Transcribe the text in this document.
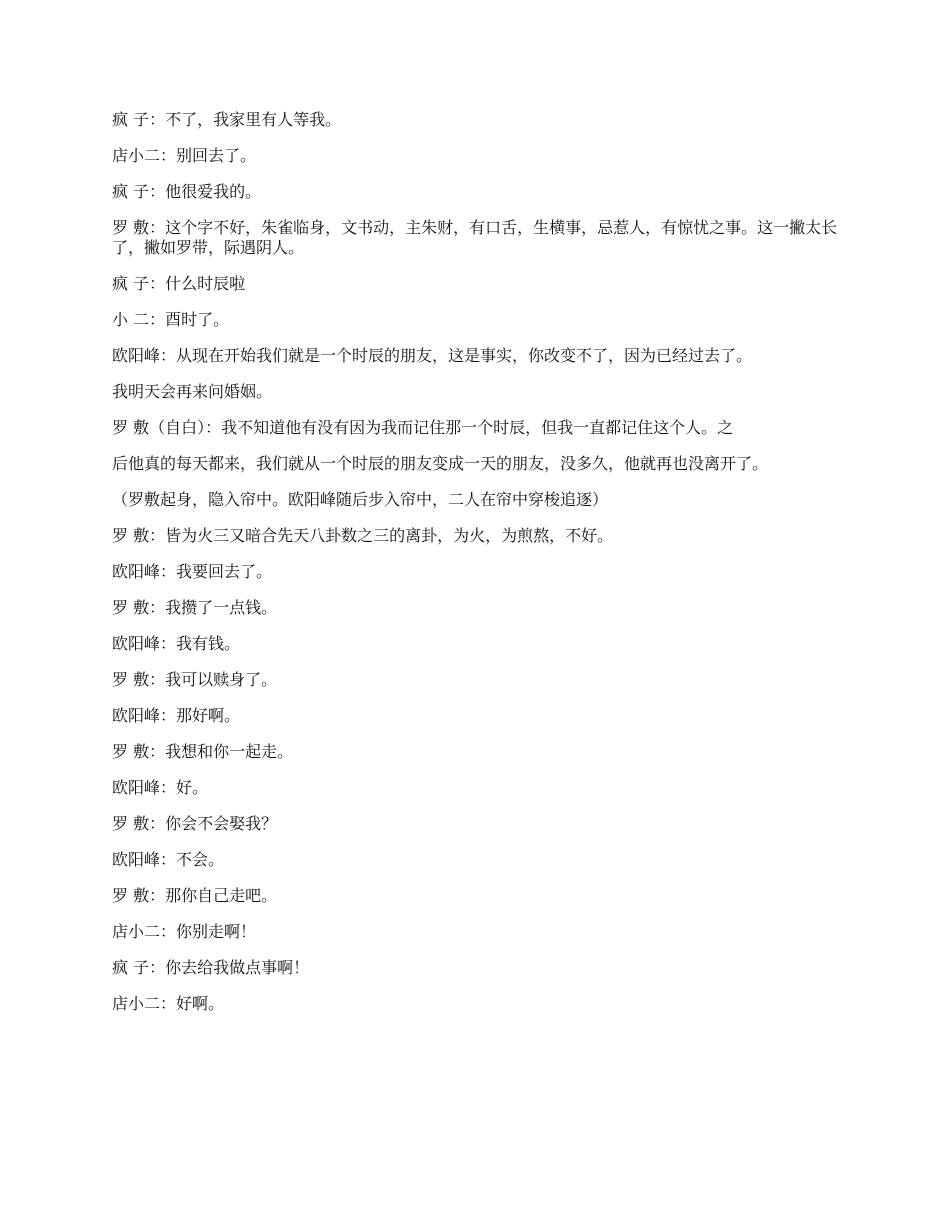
疯 子：不了，我家里有人等我。

店小二：别回去了。

疯 子：他很爱我的。

罗 敷：这个字不好，朱雀临身，文书动，主朱财，有口舌，生横事，忌惹人，有惊忧之事。这一撇太长了，撇如罗带，际遇阴人。

疯 子：什么时辰啦

小 二：酉时了。

欧阳峰：从现在开始我们就是一个时辰的朋友，这是事实，你改变不了，因为已经过去了。

我明天会再来问婚姻。

罗 敷（自白）：我不知道他有没有因为我而记住那一个时辰，但我一直都记住这个人。之

后他真的每天都来，我们就从一个时辰的朋友变成一天的朋友，没多久，他就再也没离开了。

（罗敷起身，隐入帘中。欧阳峰随后步入帘中，二人在帘中穿梭追逐）

罗 敷：皆为火三又暗合先天八卦数之三的离卦，为火，为煎熬，不好。

欧阳峰：我要回去了。

罗 敷：我攒了一点钱。

欧阳峰：我有钱。

罗 敷：我可以赎身了。

欧阳峰：那好啊。

罗 敷：我想和你一起走。

欧阳峰：好。

罗 敷：你会不会娶我？

欧阳峰：不会。

罗 敷：那你自己走吧。

店小二：你别走啊！

疯 子：你去给我做点事啊！

店小二：好啊。
